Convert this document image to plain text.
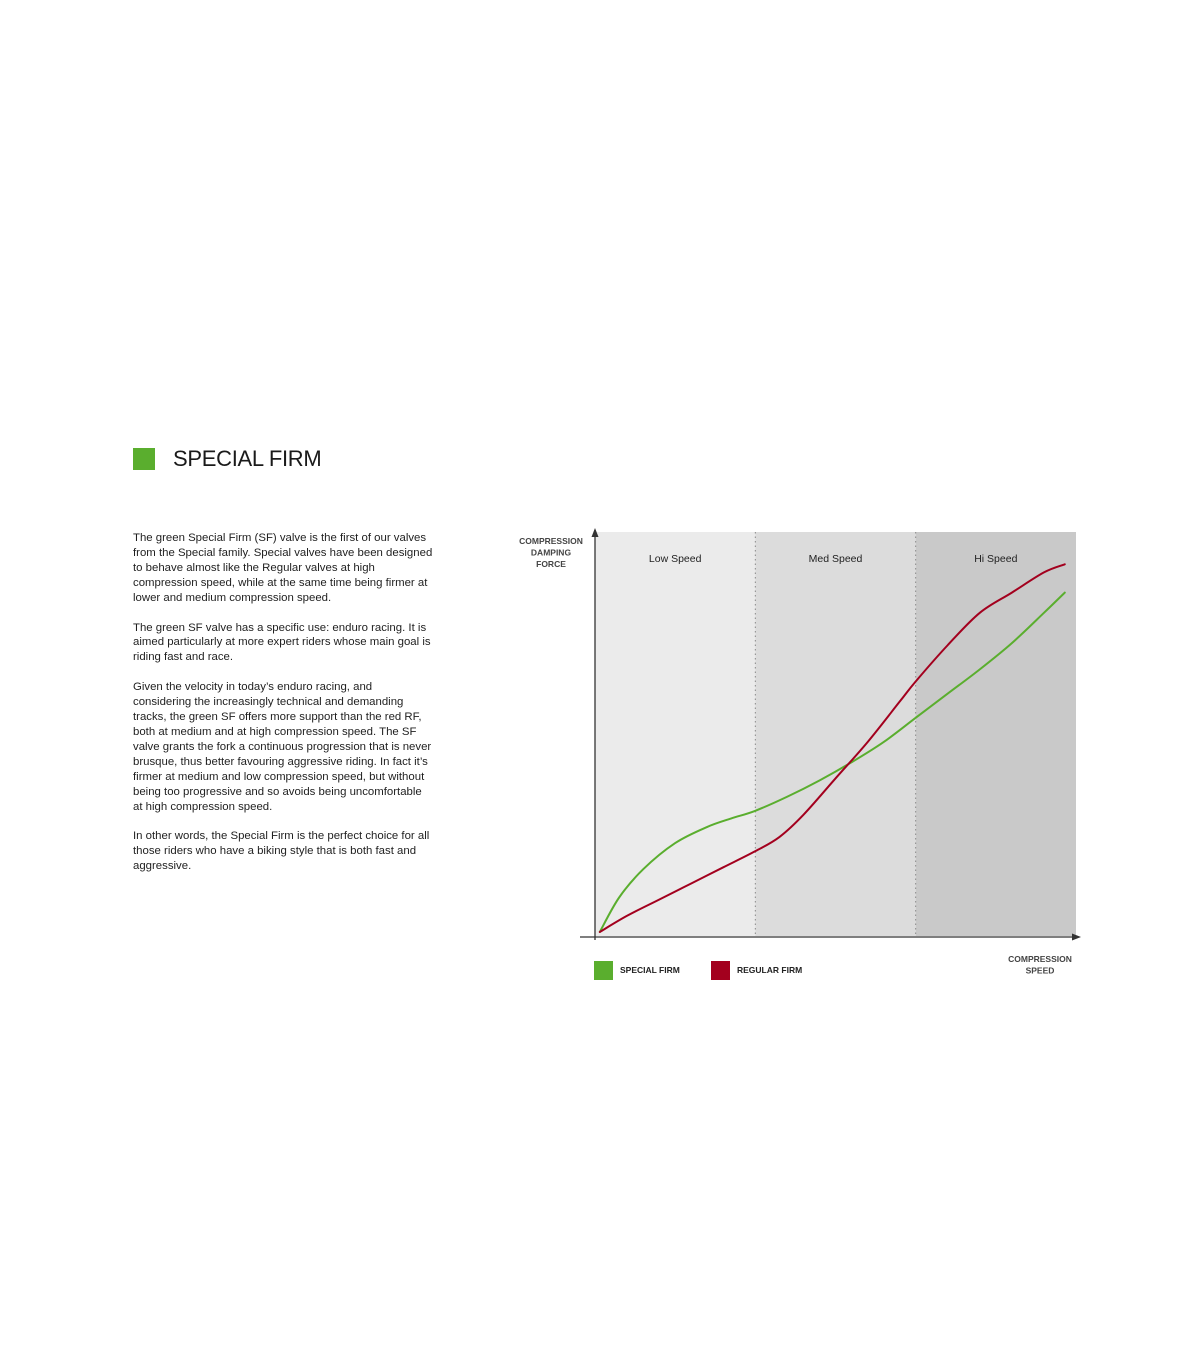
SPECIAL FIRM

The green Special Firm (SF) valve is the first of our valves from the Special family. Special valves have been designed to behave almost like the Regular valves at high compression speed, while at the same time being firmer at lower and medium compression speed.

The green SF valve has a specific use: enduro racing. It is aimed particularly at more expert riders whose main goal is riding fast and race.

Given the velocity in today’s enduro racing, and considering the increasingly technical and demanding tracks, the green SF offers more support than the red RF, both at medium and at high compression speed. The SF valve grants the fork a continuous progression that is never brusque, thus better favouring aggressive riding. In fact it’s firmer at medium and low compression speed, but without being too progressive and so avoids being uncomfortable at high compression speed.

In other words, the Special Firm is the perfect choice for all those riders who have a biking style that is both fast and aggressive.

Low Speed	Med Speed	Hi Speed
COMPRESSION
DAMPING
FORCE
COMPRESSION
SPEED
SPECIAL FIRM	REGULAR FIRM
